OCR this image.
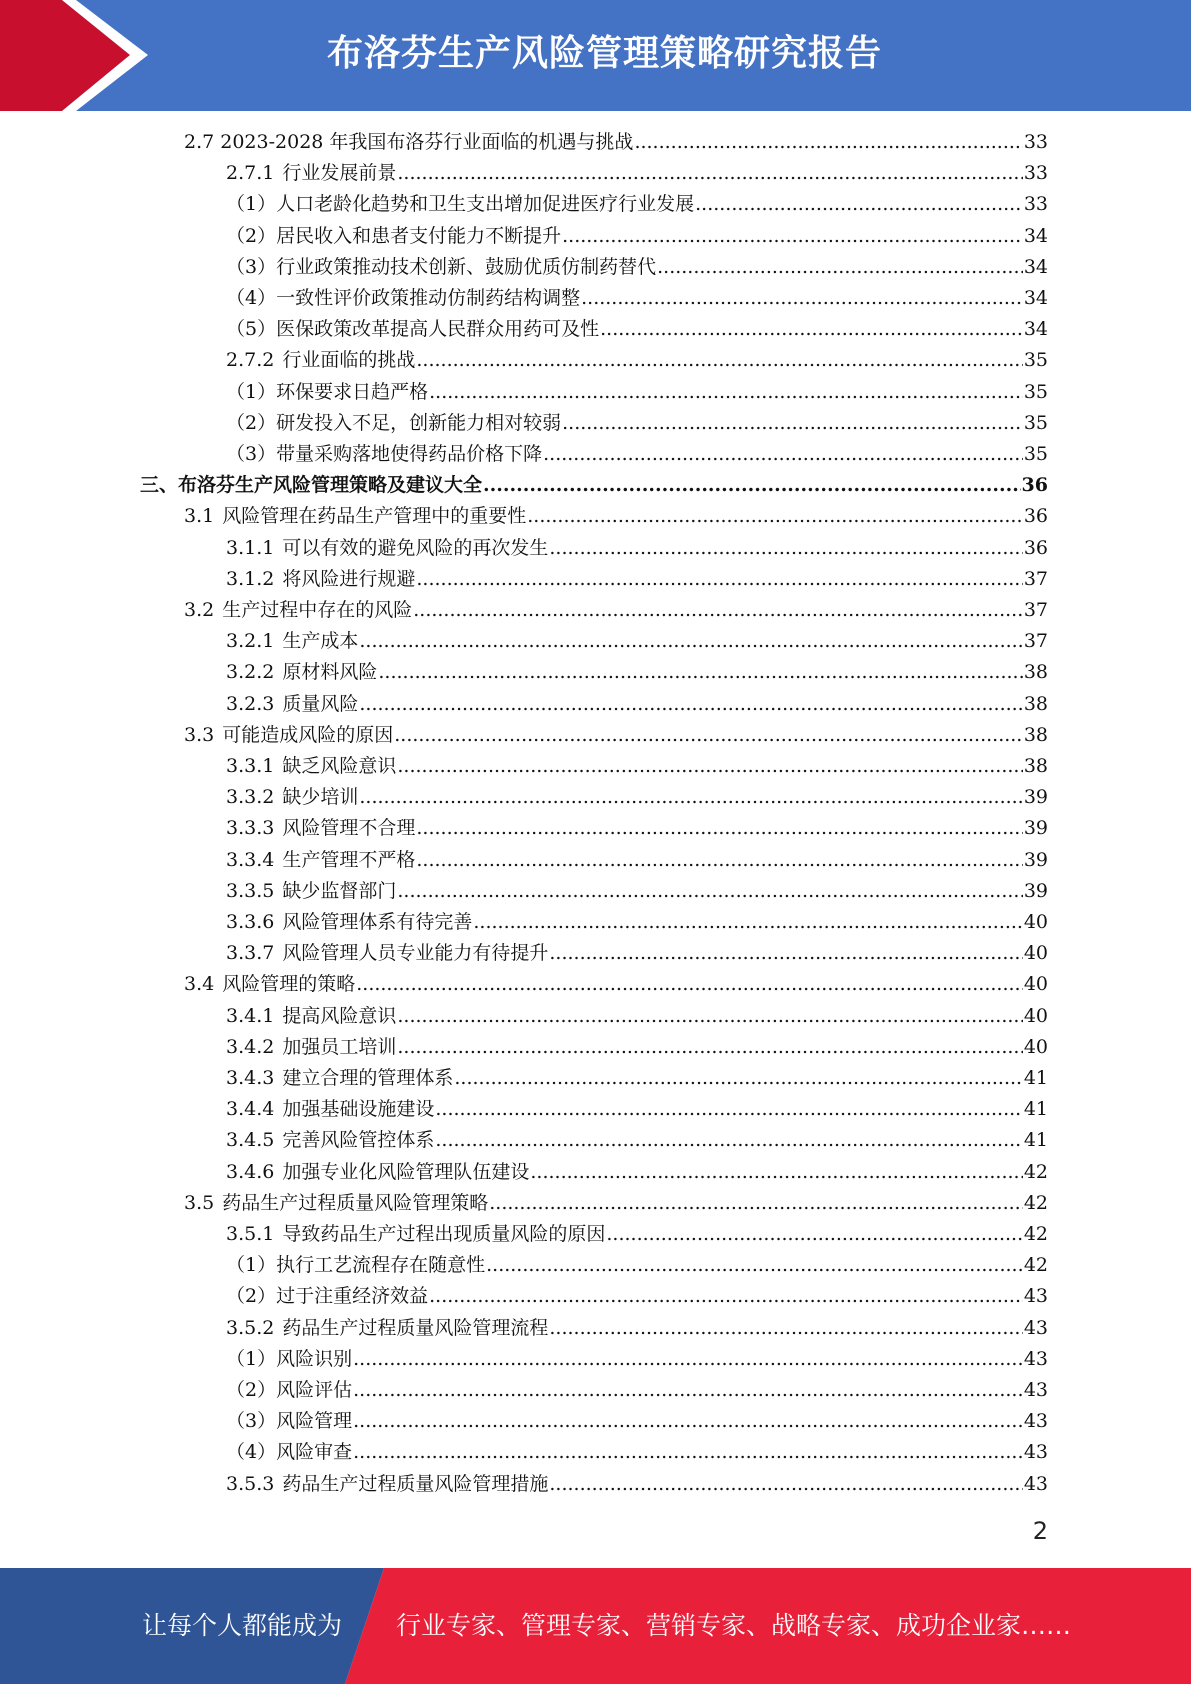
布洛芬生产风险管理策略研究报告
2.7 2023-2028 年我国布洛芬行业面临的机遇与挑战 .....	33
2.7.1 行业发展前景 .....	33
（1） 人口老龄化趋势和卫生支出增加促进医疗行业发展 .....	33
（2） 居民收入和患者支付能力不断提升 .....	34
（3） 行业政策推动技术创新、鼓励优质仿制药替代 .....	34
（4） 一致性评价政策推动仿制药结构调整 .....	34
（5） 医保政策改革提高人民群众用药可及性 .....	34
2.7.2 行业面临的挑战 .....	35
（1） 环保要求日趋严格 .....	35
（2） 研发投入不足，创新能力相对较弱 .....	35
（3） 带量采购落地使得药品价格下降 .....	35
三、 布洛芬生产风险管理策略及建议大全 .....	36
3.1 风险管理在药品生产管理中的重要性 .....	36
3.1.1 可以有效的避免风险的再次发生 .....	36
3.1.2 将风险进行规避 .....	37
3.2 生产过程中存在的风险 .....	37
3.2.1 生产成本 .....	37
3.2.2 原材料风险 .....	38
3.2.3 质量风险 .....	38
3.3 可能造成风险的原因 .....	38
3.3.1 缺乏风险意识 .....	38
3.3.2 缺少培训 .....	39
3.3.3 风险管理不合理 .....	39
3.3.4 生产管理不严格 .....	39
3.3.5 缺少监督部门 .....	39
3.3.6 风险管理体系有待完善 .....	40
3.3.7 风险管理人员专业能力有待提升 .....	40
3.4 风险管理的策略 .....	40
3.4.1 提高风险意识 .....	40
3.4.2 加强员工培训 .....	40
3.4.3 建立合理的管理体系 .....	41
3.4.4 加强基础设施建设 .....	41
3.4.5 完善风险管控体系 .....	41
3.4.6 加强专业化风险管理队伍建设 .....	42
3.5 药品生产过程质量风险管理策略 .....	42
3.5.1 导致药品生产过程出现质量风险的原因 .....	42
（1） 执行工艺流程存在随意性 .....	42
（2） 过于注重经济效益 .....	43
3.5.2 药品生产过程质量风险管理流程 .....	43
（1） 风险识别 .....	43
（2） 风险评估 .....	43
（3） 风险管理 .....	43
（4） 风险审查 .....	43
3.5.3 药品生产过程质量风险管理措施 .....	43
2
让每个人都能成为 行业专家、管理专家、营销专家、战略专家、成功企业家……
